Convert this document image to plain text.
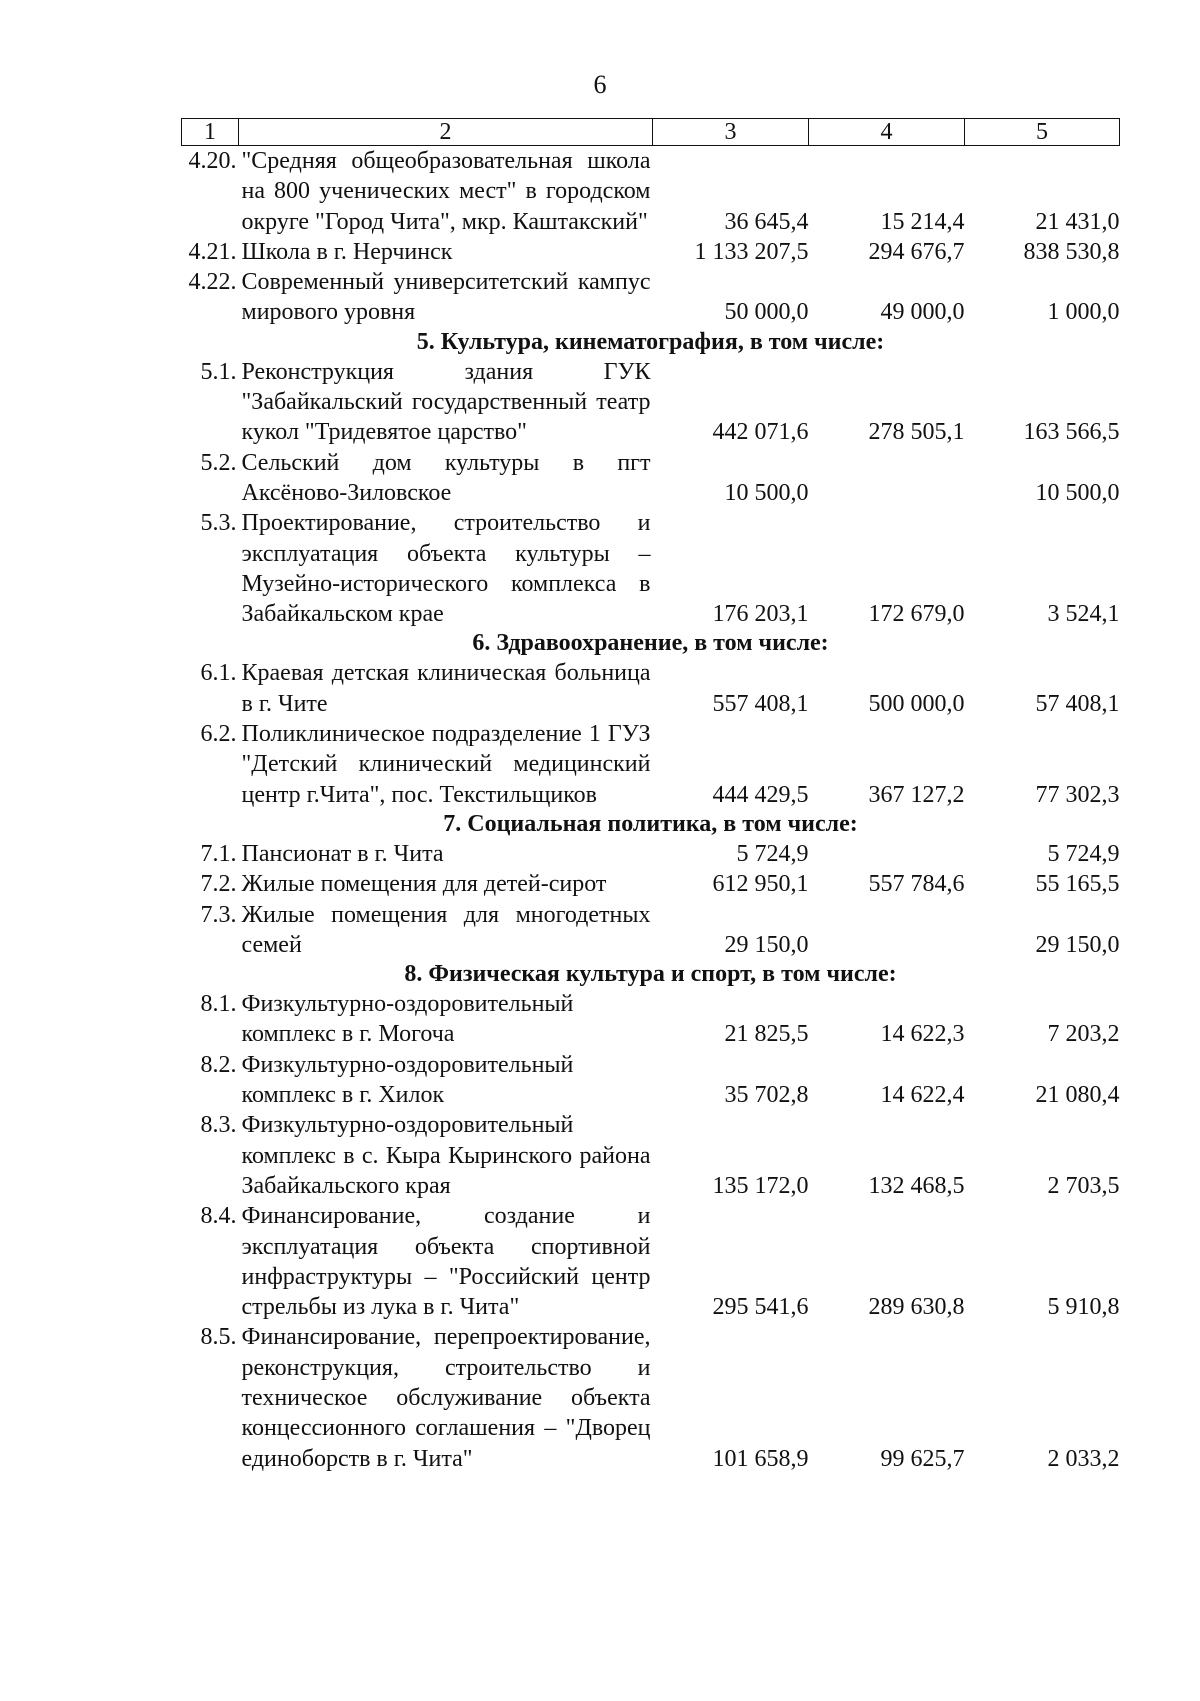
6
1	2	3	4	5
4.20.	"Средняя общеобразовательная школа на 800 ученических мест" в городском округе "Город Чита", мкр. Каштакский"	36 645,4	15 214,4	21 431,0
4.21.	Школа в г. Нерчинск	1 133 207,5	294 676,7	838 530,8
4.22.	Современный университетский кампус мирового уровня	50 000,0	49 000,0	1 000,0
5. Культура, кинематография, в том числе:				
5.1.	Реконструкция здания ГУК "Забайкальский государственный театр кукол "Тридевятое царство"	442 071,6	278 505,1	163 566,5
5.2.	Сельский дом культуры в пгт Аксёново-Зиловское	10 500,0		10 500,0
5.3.	Проектирование, строительство и эксплуатация объекта культуры – Музейно-исторического комплекса в Забайкальском крае	176 203,1	172 679,0	3 524,1
6. Здравоохранение, в том числе:				
6.1.	Краевая детская клиническая больница в г. Чите	557 408,1	500 000,0	57 408,1
6.2.	Поликлиническое подразделение 1 ГУЗ "Детский клинический медицинский центр г.Чита", пос. Текстильщиков	444 429,5	367 127,2	77 302,3
7. Социальная политика, в том числе:				
7.1.	Пансионат в г. Чита	5 724,9		5 724,9
7.2.	Жилые помещения для детей-сирот	612 950,1	557 784,6	55 165,5
7.3.	Жилые помещения для многодетных семей	29 150,0		29 150,0
8. Физическая культура и спорт, в том числе:				
8.1.	Физкультурно-оздоровительный комплекс в г. Могоча	21 825,5	14 622,3	7 203,2
8.2.	Физкультурно-оздоровительный комплекс в г. Хилок	35 702,8	14 622,4	21 080,4
8.3.	Физкультурно-оздоровительный комплекс в с. Кыра Кыринского района Забайкальского края	135 172,0	132 468,5	2 703,5
8.4.	Финансирование, создание и эксплуатация объекта спортивной инфраструктуры – "Российский центр стрельбы из лука в г. Чита"	295 541,6	289 630,8	5 910,8
8.5.	Финансирование, перепроектирование, реконструкция, строительство и техническое обслуживание объекта концессионного соглашения – "Дворец единоборств в г. Чита"	101 658,9	99 625,7	2 033,2
